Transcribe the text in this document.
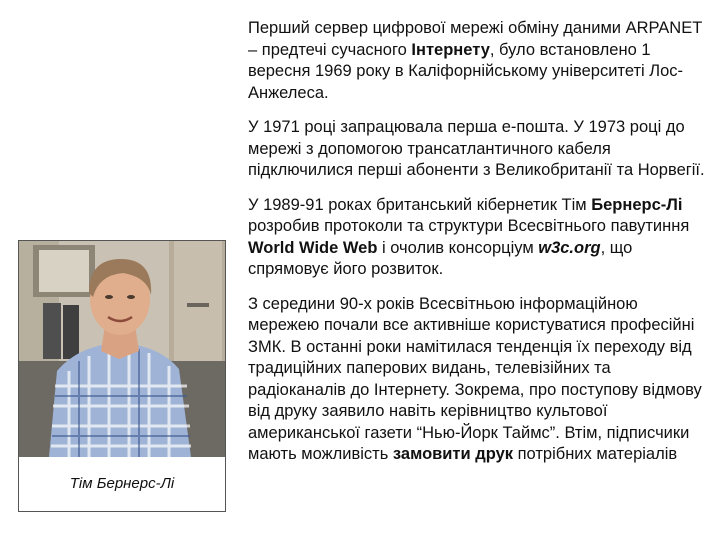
Перший сервер цифрової мережі обміну даними ARPANET – предтечі сучасного Інтернету, було встановлено 1 вересня 1969 року в Каліфорнійському університеті Лос-Анжелеса.

У 1971 році запрацювала перша е-пошта. У 1973 році до мережі з допомогою трансатлантичного кабеля підключилися перші абоненти з Великобританії та Норвегії.

У 1989-91 роках британський кібернетик Тім Бернерс-Лі розробив протоколи та структури Всесвітнього павутиння World Wide Web і очолив консорціум w3c.org, що спрямовує його розвиток.

З середини 90-х років Всесвітньою інформаційною мережею почали все активніше користуватися професійні ЗМК. В останні роки намітилася тенденція їх переходу від традиційних паперових видань, телевізійних та радіоканалів до Інтернету. Зокрема, про поступову відмову від друку заявило навіть керівництво культової американської газети “Нью-Йорк Таймс”. Втім, підписчики мають можливість замовити друк потрібних матеріалів

Тім Бернерс-Лі
